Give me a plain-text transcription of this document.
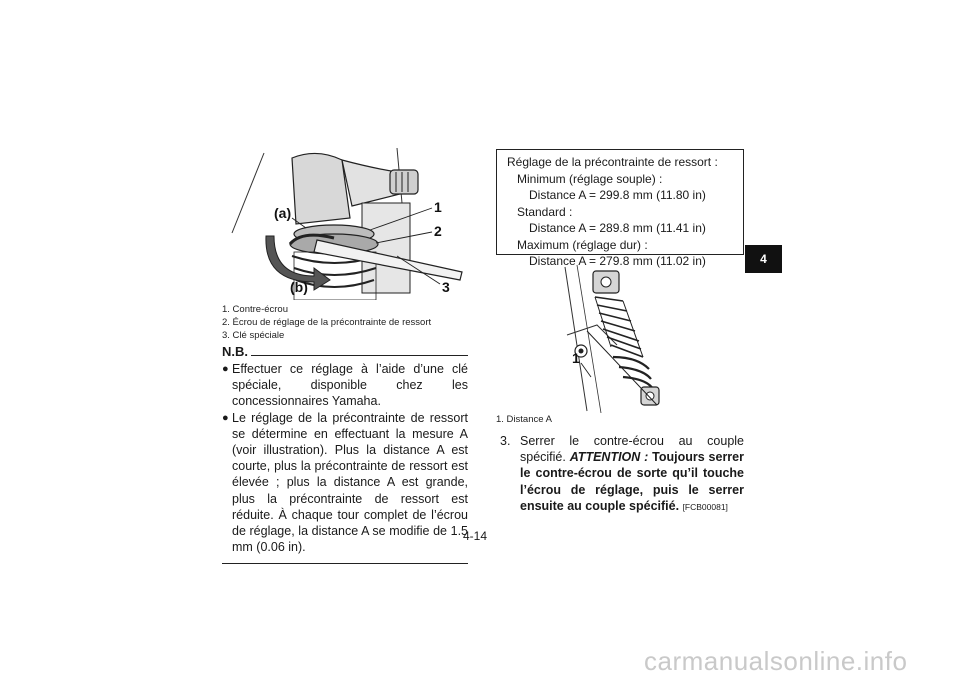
(a)
(b)
1
2
3
1. Contre-écrou
2. Écrou de réglage de la précontrainte de ressort
3. Clé spéciale
N.B.
● Effectuer ce réglage à l’aide d’une clé spéciale, disponible chez les concessionnaires Yamaha.
● Le réglage de la précontrainte de ressort se détermine en effectuant la mesure A (voir illustration). Plus la distance A est courte, plus la précontrainte de ressort est élevée ; plus la distance A est grande, plus la précontrainte de ressort est réduite. À chaque tour complet de l’écrou de réglage, la distance A se modifie de 1.5 mm (0.06 in).
Réglage de la précontrainte de ressort :
Minimum (réglage souple) :
Distance A = 299.8 mm (11.80 in)
Standard :
Distance A = 289.8 mm (11.41 in)
Maximum (réglage dur) :
Distance A = 279.8 mm (11.02 in)
1
1. Distance A
3. Serrer le contre-écrou au couple spécifié. ATTENTION : Toujours serrer le contre-écrou de sorte qu’il touche l’écrou de réglage, puis le serrer ensuite au couple spécifié. [FCB00081]
4-14
4
carmanualsonline.info
